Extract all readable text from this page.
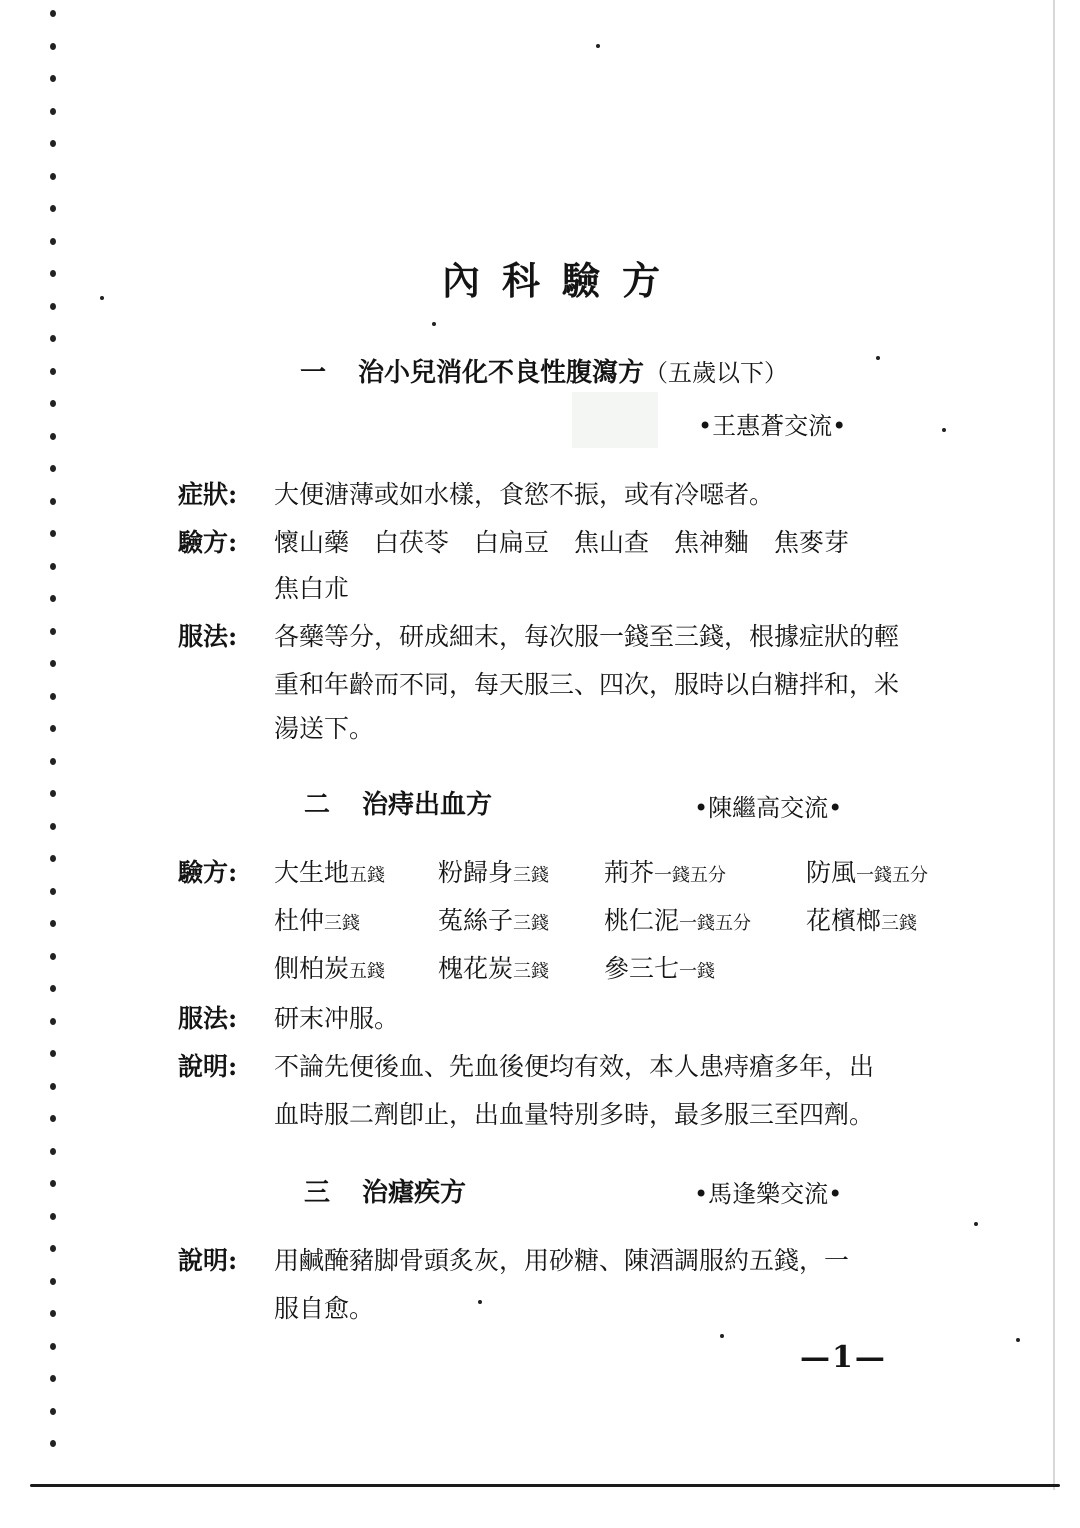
內科驗方
一 治小兒消化不良性腹瀉方（五歲以下）
•王惠蒼交流•
症狀: 大便溏薄或如水樣，食慾不振，或有冷噁者。
驗方: 懷山藥　白茯苓　白扁豆　焦山查　焦神麯　焦麥芽
焦白朮
服法: 各藥等分，研成細末，每次服一錢至三錢，根據症狀的輕
重和年齡而不同，每天服三、四次，服時以白糖拌和，米
湯送下。
二 治痔出血方	•陳繼高交流•
驗方: 大生地五錢 粉歸身三錢 荊芥一錢五分	防風一錢五分
杜仲三錢	菟絲子三錢 桃仁泥一錢五分 花檳榔三錢
側柏炭五錢 槐花炭三錢 參三七一錢
服法: 研末冲服。
說明: 不論先便後血、先血後便均有效，本人患痔瘡多年，出
血時服二劑卽止，出血量特別多時，最多服三至四劑。
三 治瘧疾方	•馬逢樂交流•
說明: 用鹹醃豬脚骨頭炙灰，用砂糖、陳酒調服約五錢，一
服自愈。
—1—
